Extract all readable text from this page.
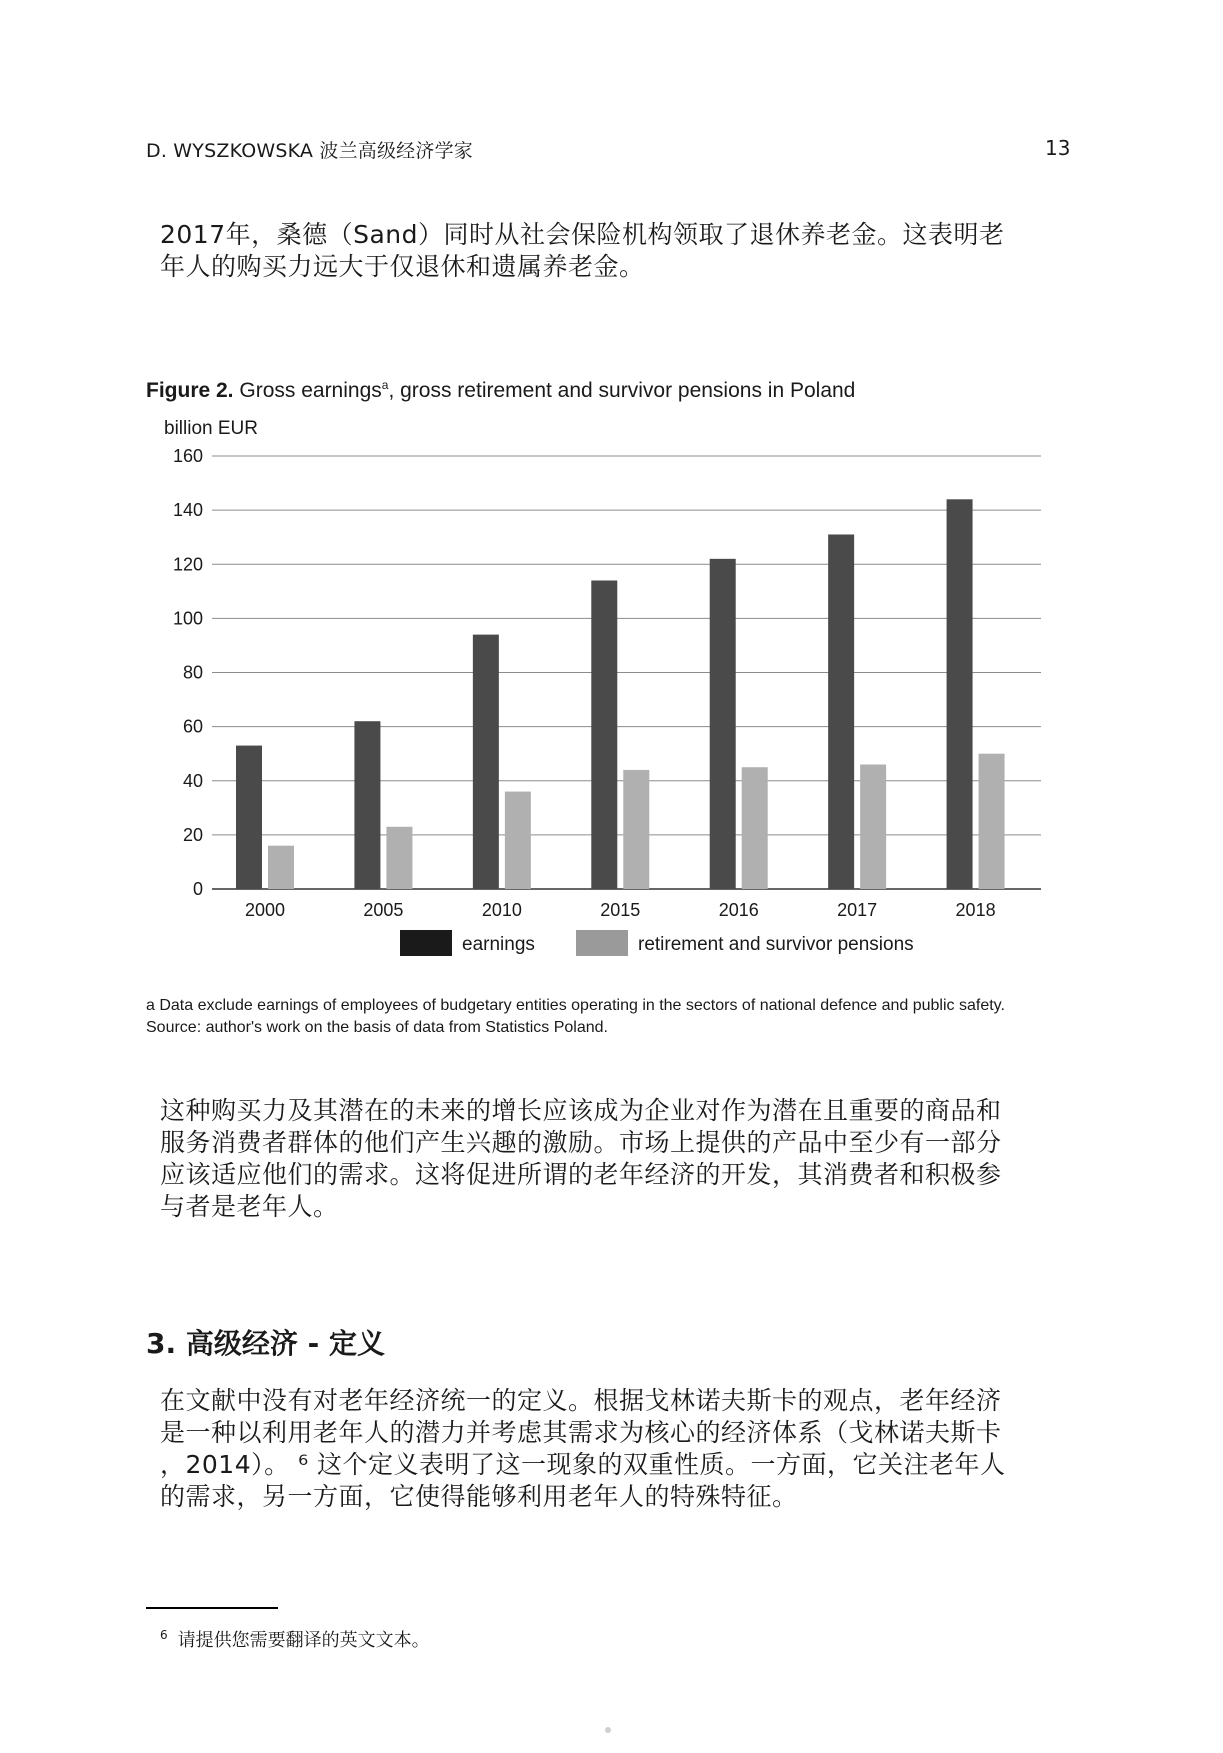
D. WYSZKOWSKA 波兰高级经济学家	13
2017年，桑德（Sand）同时从社会保险机构领取了退休养老金。这表明老
年人的购买力远大于仅退休和遗属养老金。
Figure 2. Gross earnings$^a$, gross retirement and survivor pensions in Poland
billion EUR
0
20
40
60
80
100
120
140
160
2000	2005	2010	2015	2016	2017	2018
earnings	retirement and survivor pensions
a Data exclude earnings of employees of budgetary entities operating in the sectors of national defence and public safety.
Source: author's work on the basis of data from Statistics Poland.
这种购买力及其潜在的未来的增长应该成为企业对作为潜在且重要的商品和
服务消费者群体的他们产生兴趣的激励。市场上提供的产品中至少有一部分
应该适应他们的需求。这将促进所谓的老年经济的开发，其消费者和积极参
与者是老年人。
3. 高级经济 - 定义
在文献中没有对老年经济统一的定义。根据戈林诺夫斯卡的观点，老年经济
是一种以利用老年人的潜力并考虑其需求为核心的经济体系（戈林诺夫斯卡
，2014）。 ⁶ 这个定义表明了这一现象的双重性质。一方面，它关注老年人
的需求，另一方面，它使得能够利用老年人的特殊特征。
$^6$ 请提供您需要翻译的英文文本。
